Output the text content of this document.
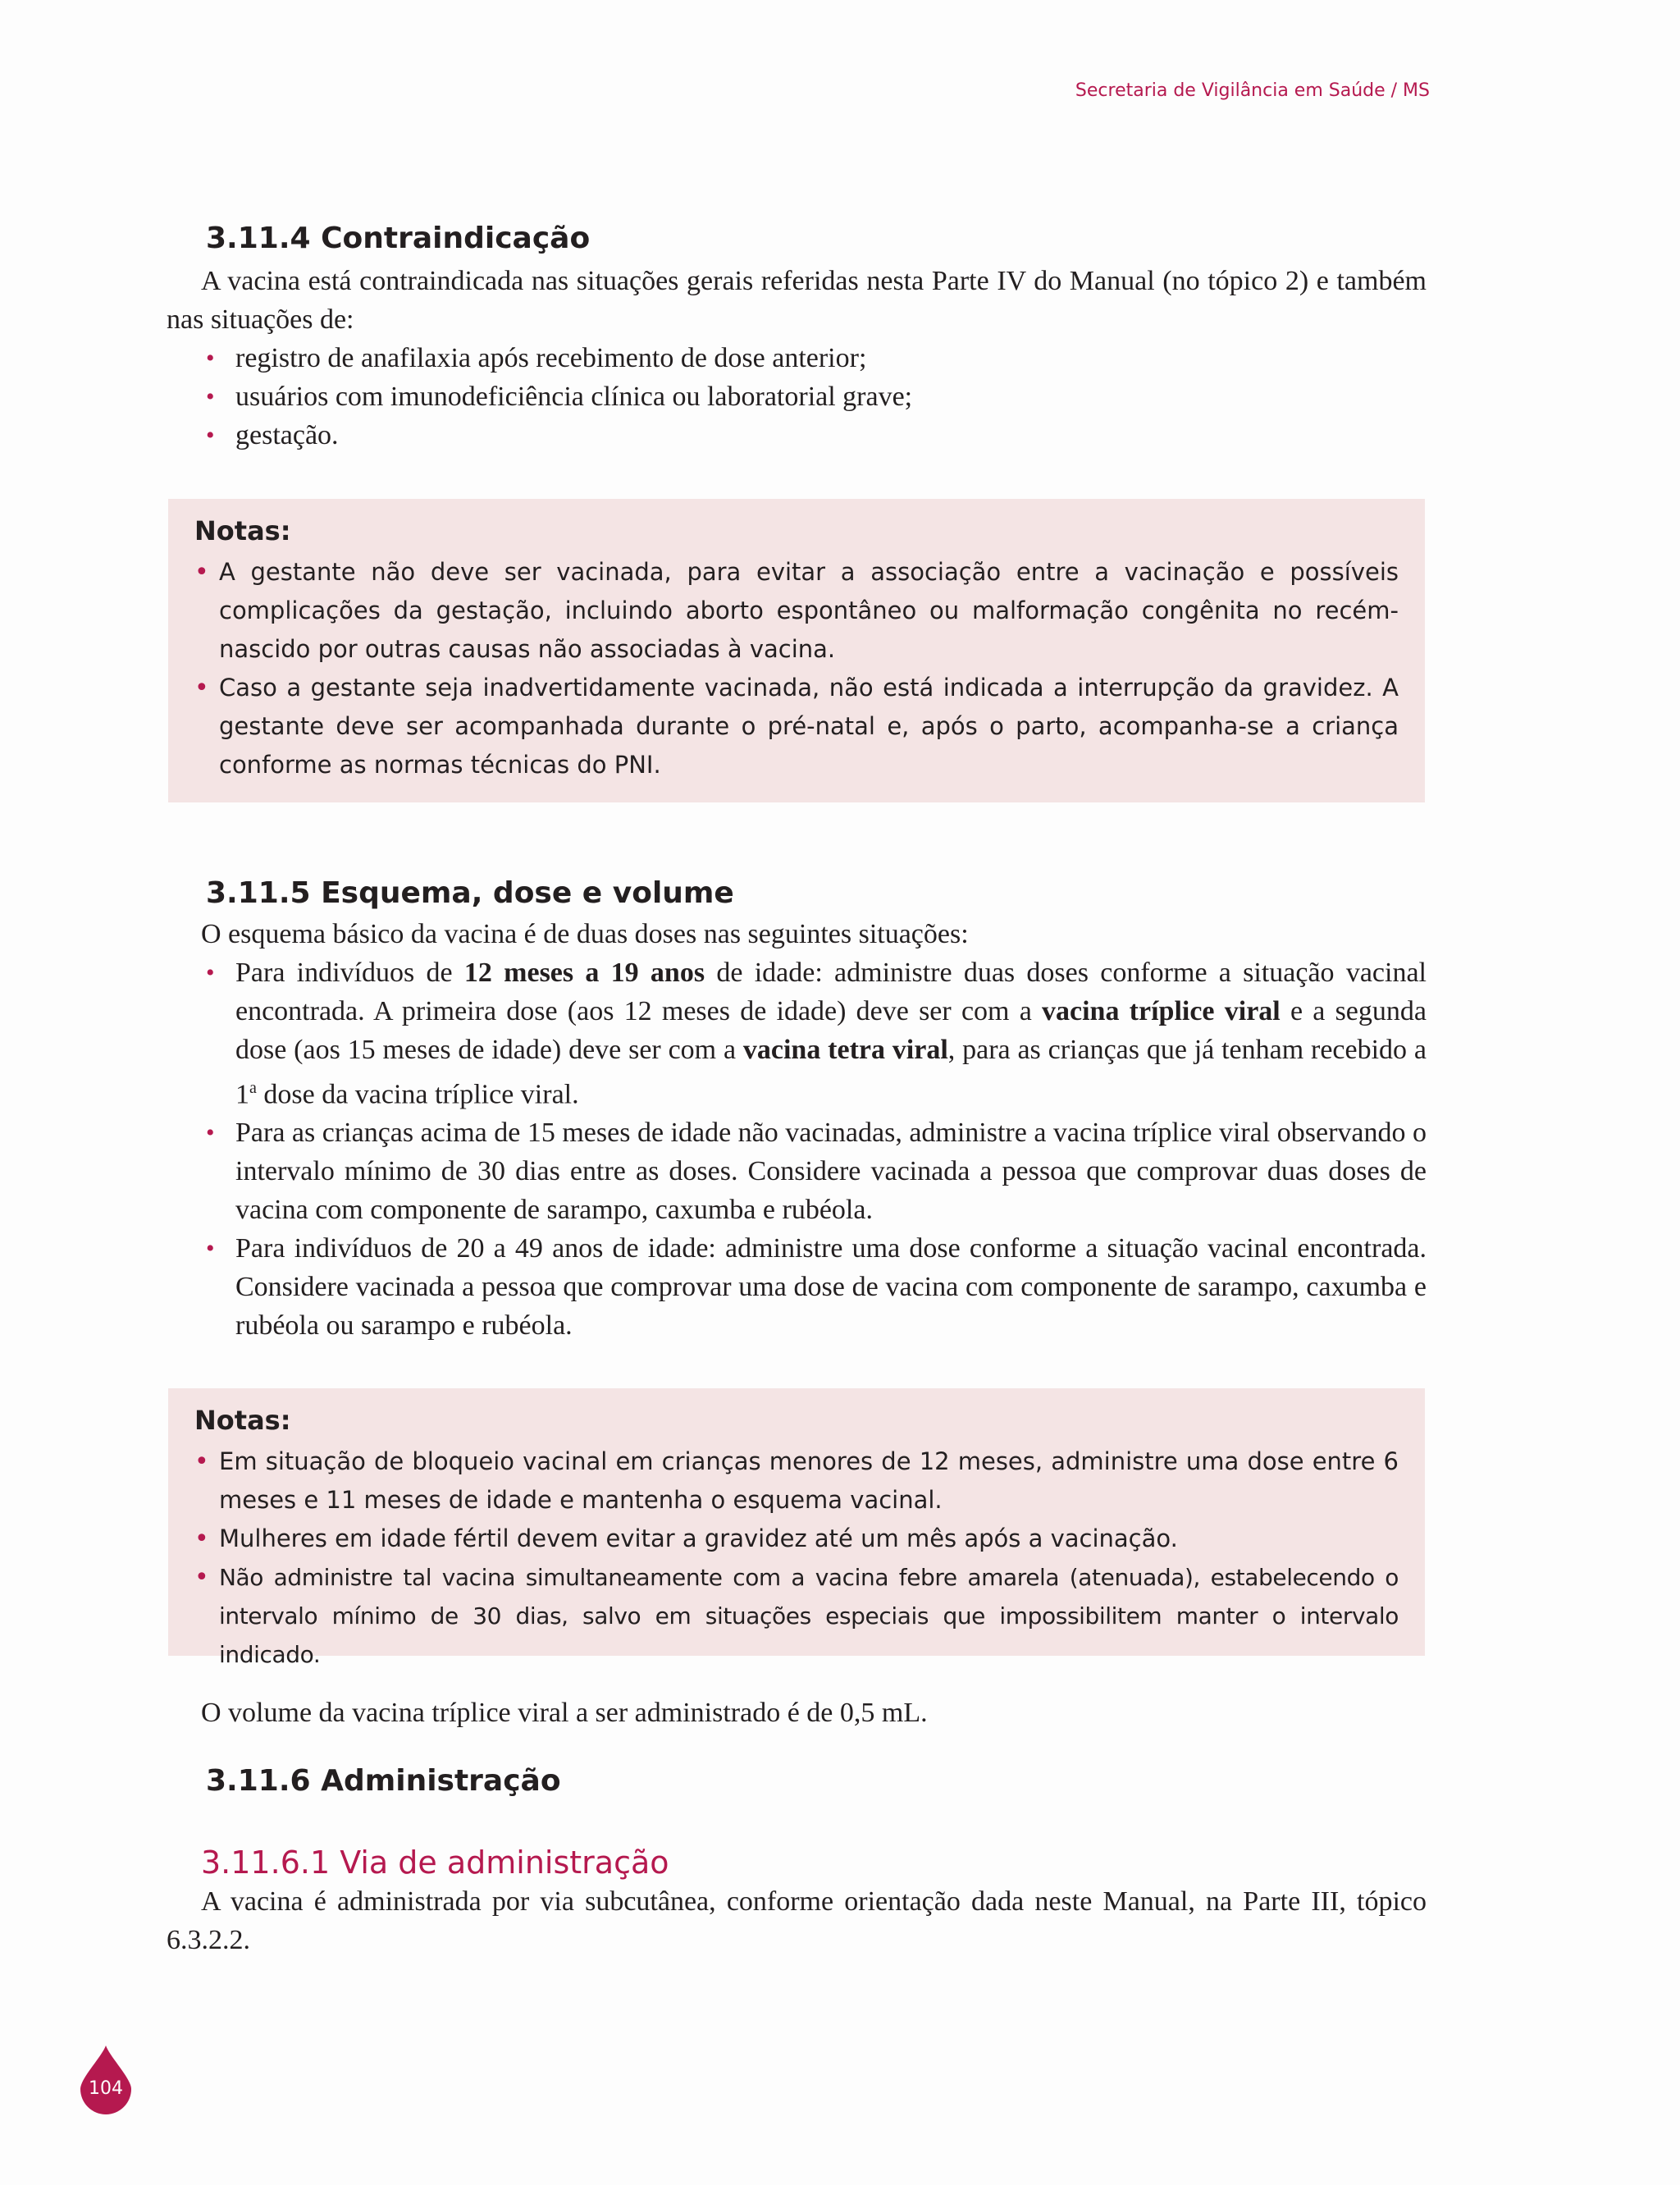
Secretaria de Vigilância em Saúde / MS
3.11.4 Contraindicação

A vacina está contraindicada nas situações gerais referidas nesta Parte IV do Manual (no tópico 2) e também nas situações de:

• registro de anafilaxia após recebimento de dose anterior;
• usuários com imunodeficiência clínica ou laboratorial grave;
• gestação.
Notas:
• A gestante não deve ser vacinada, para evitar a associação entre a vacinação e possíveis complicações da gestação, incluindo aborto espontâneo ou malformação congênita no recém-nascido por outras causas não associadas à vacina.
• Caso a gestante seja inadvertidamente vacinada, não está indicada a interrupção da gravidez. A gestante deve ser acompanhada durante o pré-natal e, após o parto, acompanha-se a criança conforme as normas técnicas do PNI.
3.11.5 Esquema, dose e volume

O esquema básico da vacina é de duas doses nas seguintes situações:

• Para indivíduos de 12 meses a 19 anos de idade: administre duas doses conforme a situação vacinal encontrada. A primeira dose (aos 12 meses de idade) deve ser com a vacina tríplice viral e a segunda dose (aos 15 meses de idade) deve ser com a vacina tetra viral, para as crianças que já tenham recebido a 1$^a$ dose da vacina tríplice viral.
• Para as crianças acima de 15 meses de idade não vacinadas, administre a vacina tríplice viral observando o intervalo mínimo de 30 dias entre as doses. Considere vacinada a pessoa que comprovar duas doses de vacina com componente de sarampo, caxumba e rubéola.
• Para indivíduos de 20 a 49 anos de idade: administre uma dose conforme a situação vacinal encontrada. Considere vacinada a pessoa que comprovar uma dose de vacina com componente de sarampo, caxumba e rubéola ou sarampo e rubéola.
Notas:
• Em situação de bloqueio vacinal em crianças menores de 12 meses, administre uma dose entre 6 meses e 11 meses de idade e mantenha o esquema vacinal.
• Mulheres em idade fértil devem evitar a gravidez até um mês após a vacinação.
• Não administre tal vacina simultaneamente com a vacina febre amarela (atenuada), estabelecendo o intervalo mínimo de 30 dias, salvo em situações especiais que impossibilitem manter o intervalo indicado.

O volume da vacina tríplice viral a ser administrado é de 0,5 mL.

3.11.6 Administração
3.11.6.1 Via de administração

A vacina é administrada por via subcutânea, conforme orientação dada neste Manual, na Parte III, tópico 6.3.2.2.

104
